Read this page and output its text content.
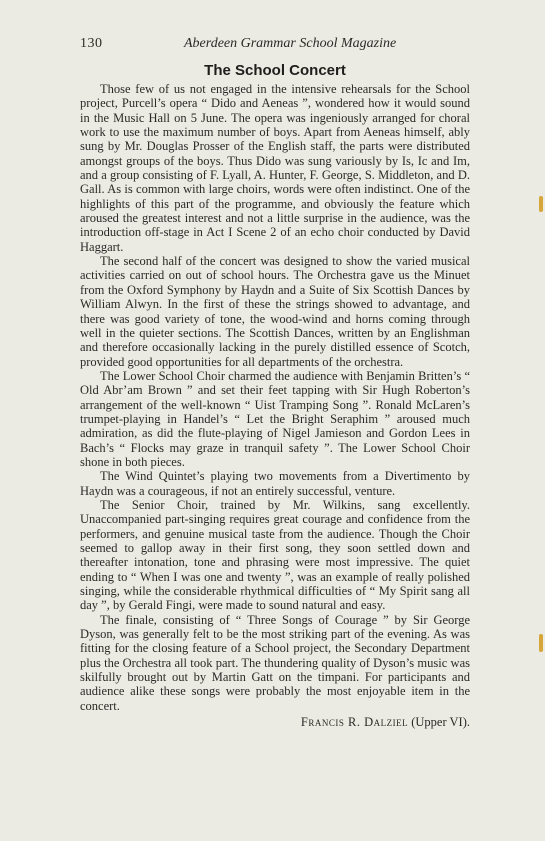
130	Aberdeen Grammar School Magazine
The School Concert

Those few of us not engaged in the intensive rehearsals for the School project, Purcell’s opera “ Dido and Aeneas ”, wondered how it would sound in the Music Hall on 5 June. The opera was ingeniously arranged for choral work to use the maximum number of boys. Apart from Aeneas himself, ably sung by Mr. Douglas Prosser of the English staff, the parts were distributed amongst groups of the boys. Thus Dido was sung variously by Is, Ic and Im, and a group consisting of F. Lyall, A. Hunter, F. George, S. Middleton, and D. Gall. As is common with large choirs, words were often indistinct. One of the highlights of this part of the programme, and obviously the feature which aroused the greatest interest and not a little surprise in the audience, was the introduction off-stage in Act I Scene 2 of an echo choir conducted by David Haggart.

The second half of the concert was designed to show the varied musical activities carried on out of school hours. The Orchestra gave us the Minuet from the Oxford Symphony by Haydn and a Suite of Six Scottish Dances by William Alwyn. In the first of these the strings showed to advantage, and there was good variety of tone, the wood-wind and horns coming through well in the quieter sections. The Scottish Dances, written by an Englishman and therefore occasionally lacking in the purely distilled essence of Scotch, provided good opportunities for all departments of the orchestra.

The Lower School Choir charmed the audience with Benjamin Britten’s “ Old Abr’am Brown ” and set their feet tapping with Sir Hugh Roberton’s arrangement of the well-known “ Uist Tramping Song ”. Ronald McLaren’s trumpet-playing in Handel’s “ Let the Bright Seraphim ” aroused much admiration, as did the flute-playing of Nigel Jamieson and Gordon Lees in Bach’s “ Flocks may graze in tranquil safety ”. The Lower School Choir shone in both pieces.

The Wind Quintet’s playing two movements from a Divertimento by Haydn was a courageous, if not an entirely successful, venture.

The Senior Choir, trained by Mr. Wilkins, sang excellently. Unaccompanied part-singing requires great courage and confidence from the performers, and genuine musical taste from the audience. Though the Choir seemed to gallop away in their first song, they soon settled down and thereafter intonation, tone and phrasing were most impressive. The quiet ending to “ When I was one and twenty ”, was an example of really polished singing, while the considerable rhythmical difficulties of “ My Spirit sang all day ”, by Gerald Fingi, were made to sound natural and easy.

The finale, consisting of “ Three Songs of Courage ” by Sir George Dyson, was generally felt to be the most striking part of the evening. As was fitting for the closing feature of a School project, the Secondary Department plus the Orchestra all took part. The thundering quality of Dyson’s music was skilfully brought out by Martin Gatt on the timpani. For participants and audience alike these songs were probably the most enjoyable item in the concert.

Francis R. Dalziel (Upper VI).
